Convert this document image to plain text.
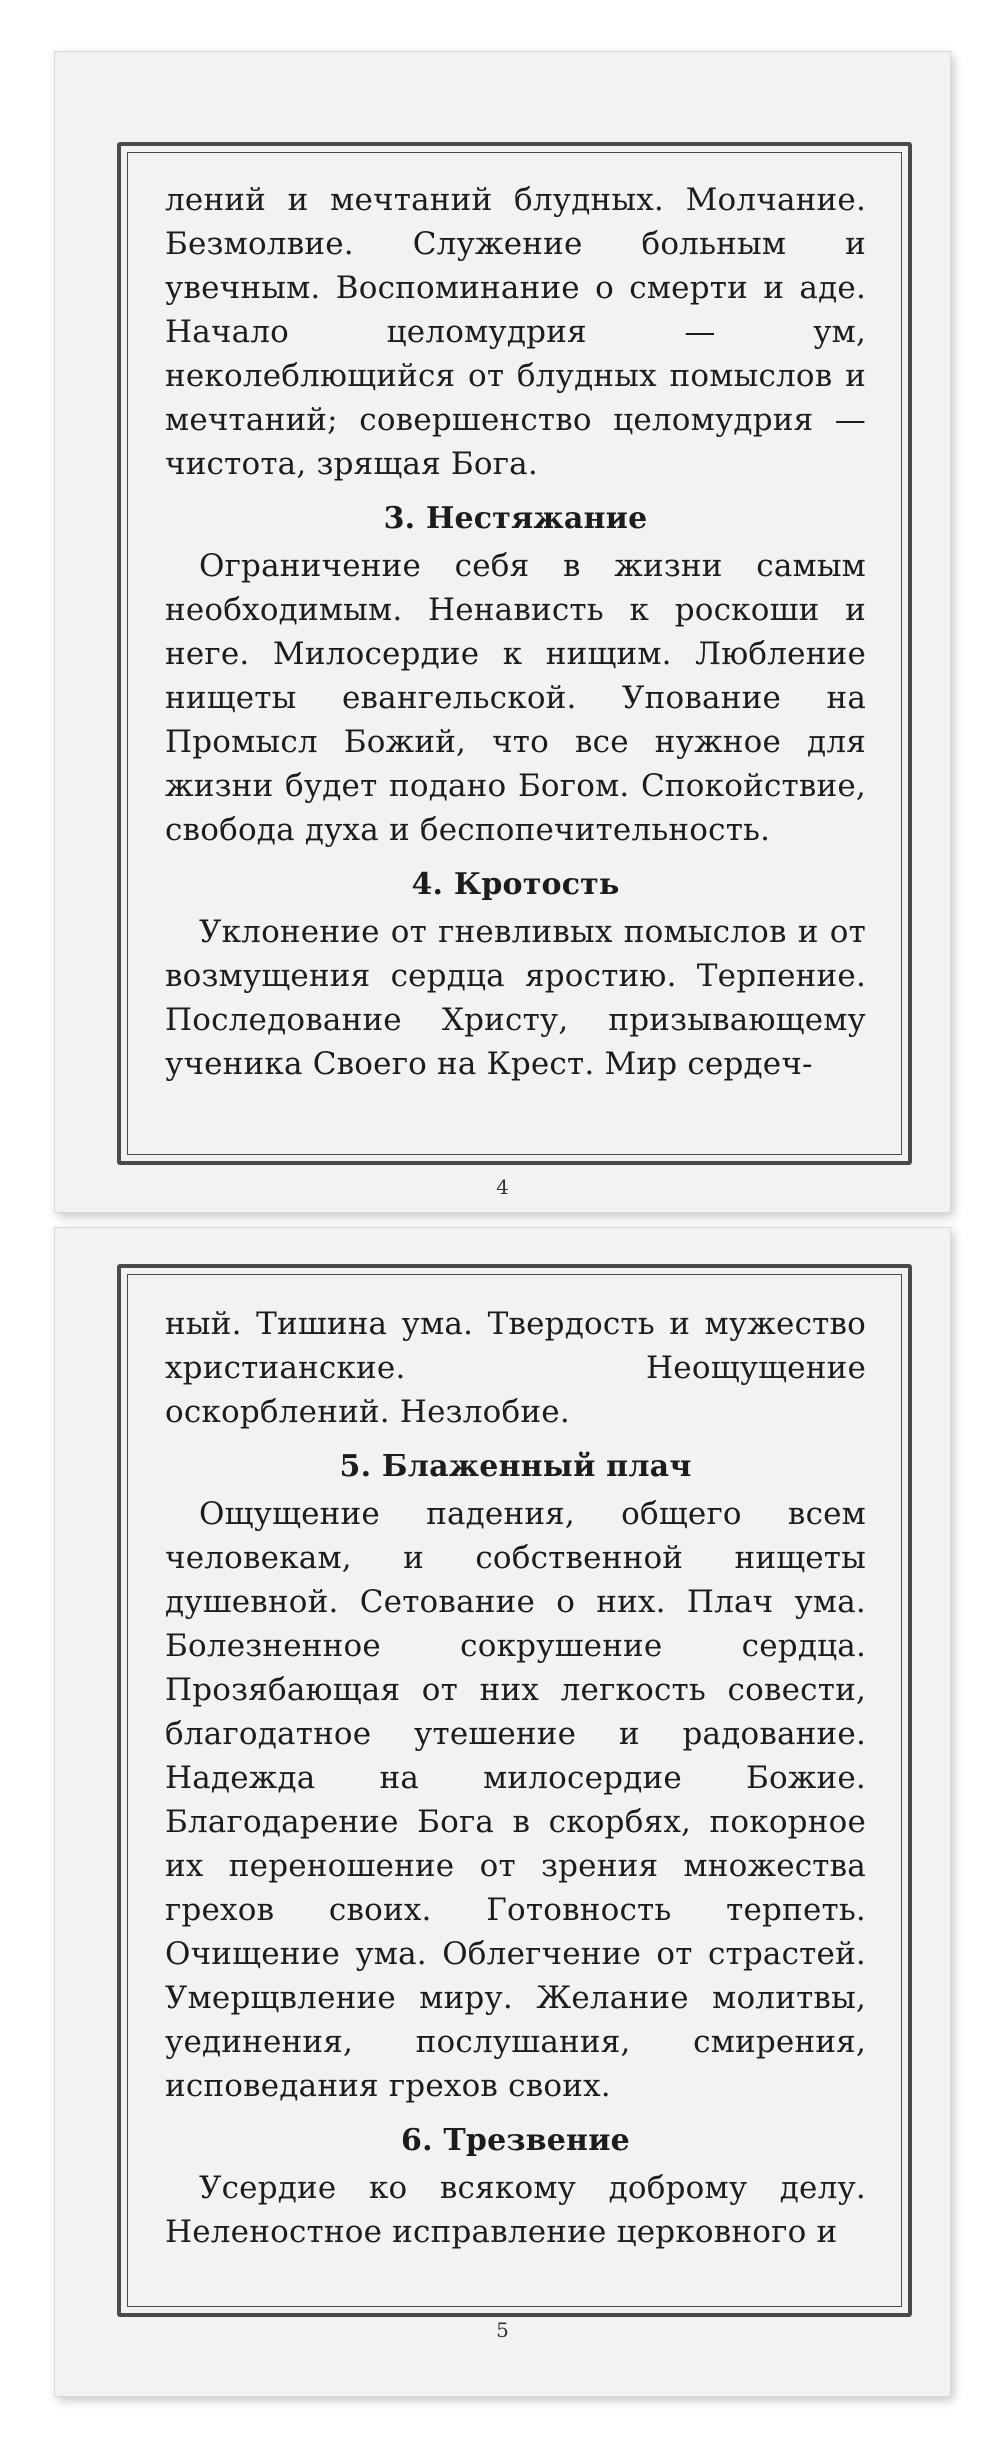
лений и мечтаний блудных. Молчание. Безмолвие. Служение больным и увечным. Воспоминание о смерти и аде. Начало целомудрия — ум, неколеблющийся от блудных помыслов и мечтаний; совершенство целомудрия — чистота, зрящая Бога.

3. Нестяжание

Ограничение себя в жизни самым необходимым. Ненависть к роскоши и неге. Милосердие к нищим. Любление нищеты евангельской. Упование на Промысл Божий, что все нужное для жизни будет подано Богом. Спокойствие, свобода духа и беспопечительность.

4. Кротость

Уклонение от гневливых помыслов и от возмущения сердца яростию. Терпение. Последование Христу, призывающему ученика Своего на Крест. Мир сердеч-

4

ный. Тишина ума. Твердость и мужество христианские. Неощущение оскорблений. Незлобие.

5. Блаженный плач

Ощущение падения, общего всем человекам, и собственной нищеты душевной. Сетование о них. Плач ума. Болезненное сокрушение сердца. Прозябающая от них легкость совести, благодатное утешение и радование. Надежда на милосердие Божие. Благодарение Бога в скорбях, покорное их переношение от зрения множества грехов своих. Готовность терпеть. Очищение ума. Облегчение от страстей. Умерщвление миру. Желание молитвы, уединения, послушания, смирения, исповедания грехов своих.

6. Трезвение

Усердие ко всякому доброму делу. Неленостное исправление церковного и

5
